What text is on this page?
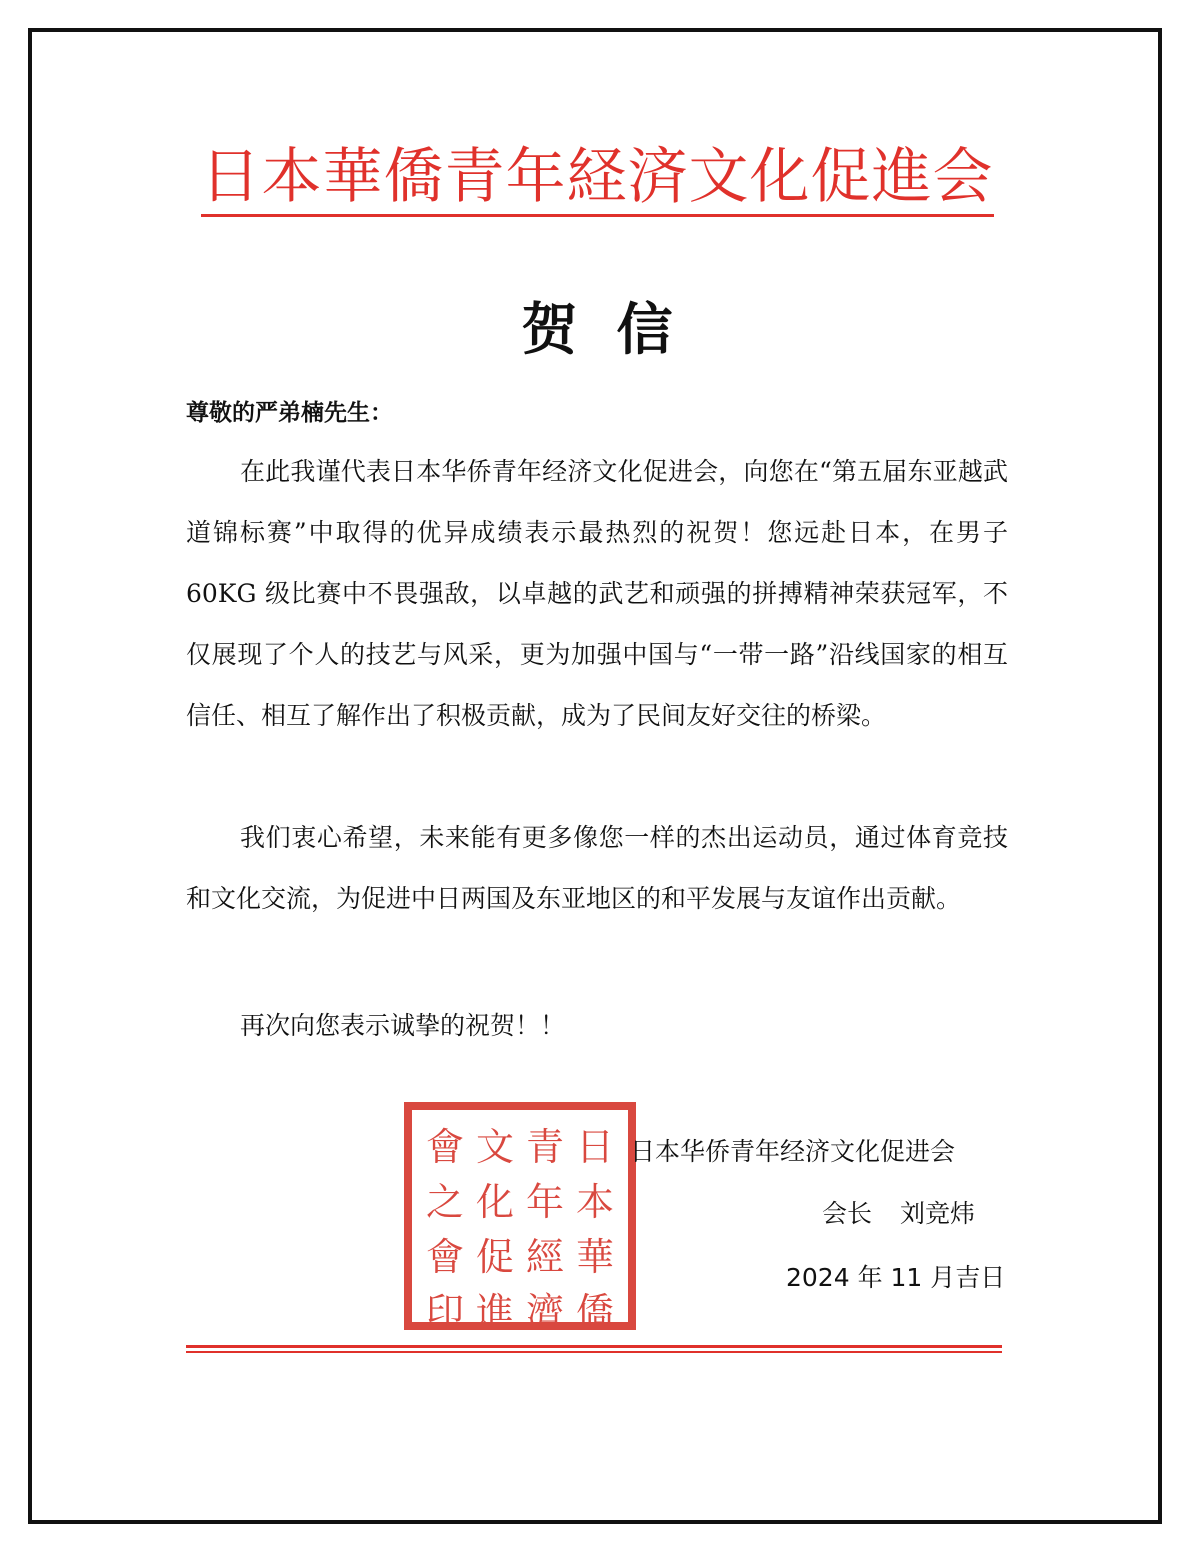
日本華僑青年経済文化促進会
贺  信
尊敬的严弟楠先生：

在此我谨代表日本华侨青年经济文化促进会，向您在“第五届东亚越武道锦标赛”中取得的优异成绩表示最热烈的祝贺！您远赴日本，在男子 60KG 级比赛中不畏强敌，以卓越的武艺和顽强的拼搏精神荣获冠军，不仅展现了个人的技艺与风采，更为加强中国与“一带一路”沿线国家的相互信任、相互了解作出了积极贡献，成为了民间友好交往的桥梁。

我们衷心希望，未来能有更多像您一样的杰出运动员，通过体育竞技和文化交流，为促进中日两国及东亚地区的和平发展与友谊作出贡献。

再次向您表示诚挚的祝贺！！

會
之
會
印
文
化
促
進
青
年
經
濟
日
本
華
僑
日本华侨青年经济文化促进会
会长 刘竞炜
2024 年 11 月吉日
